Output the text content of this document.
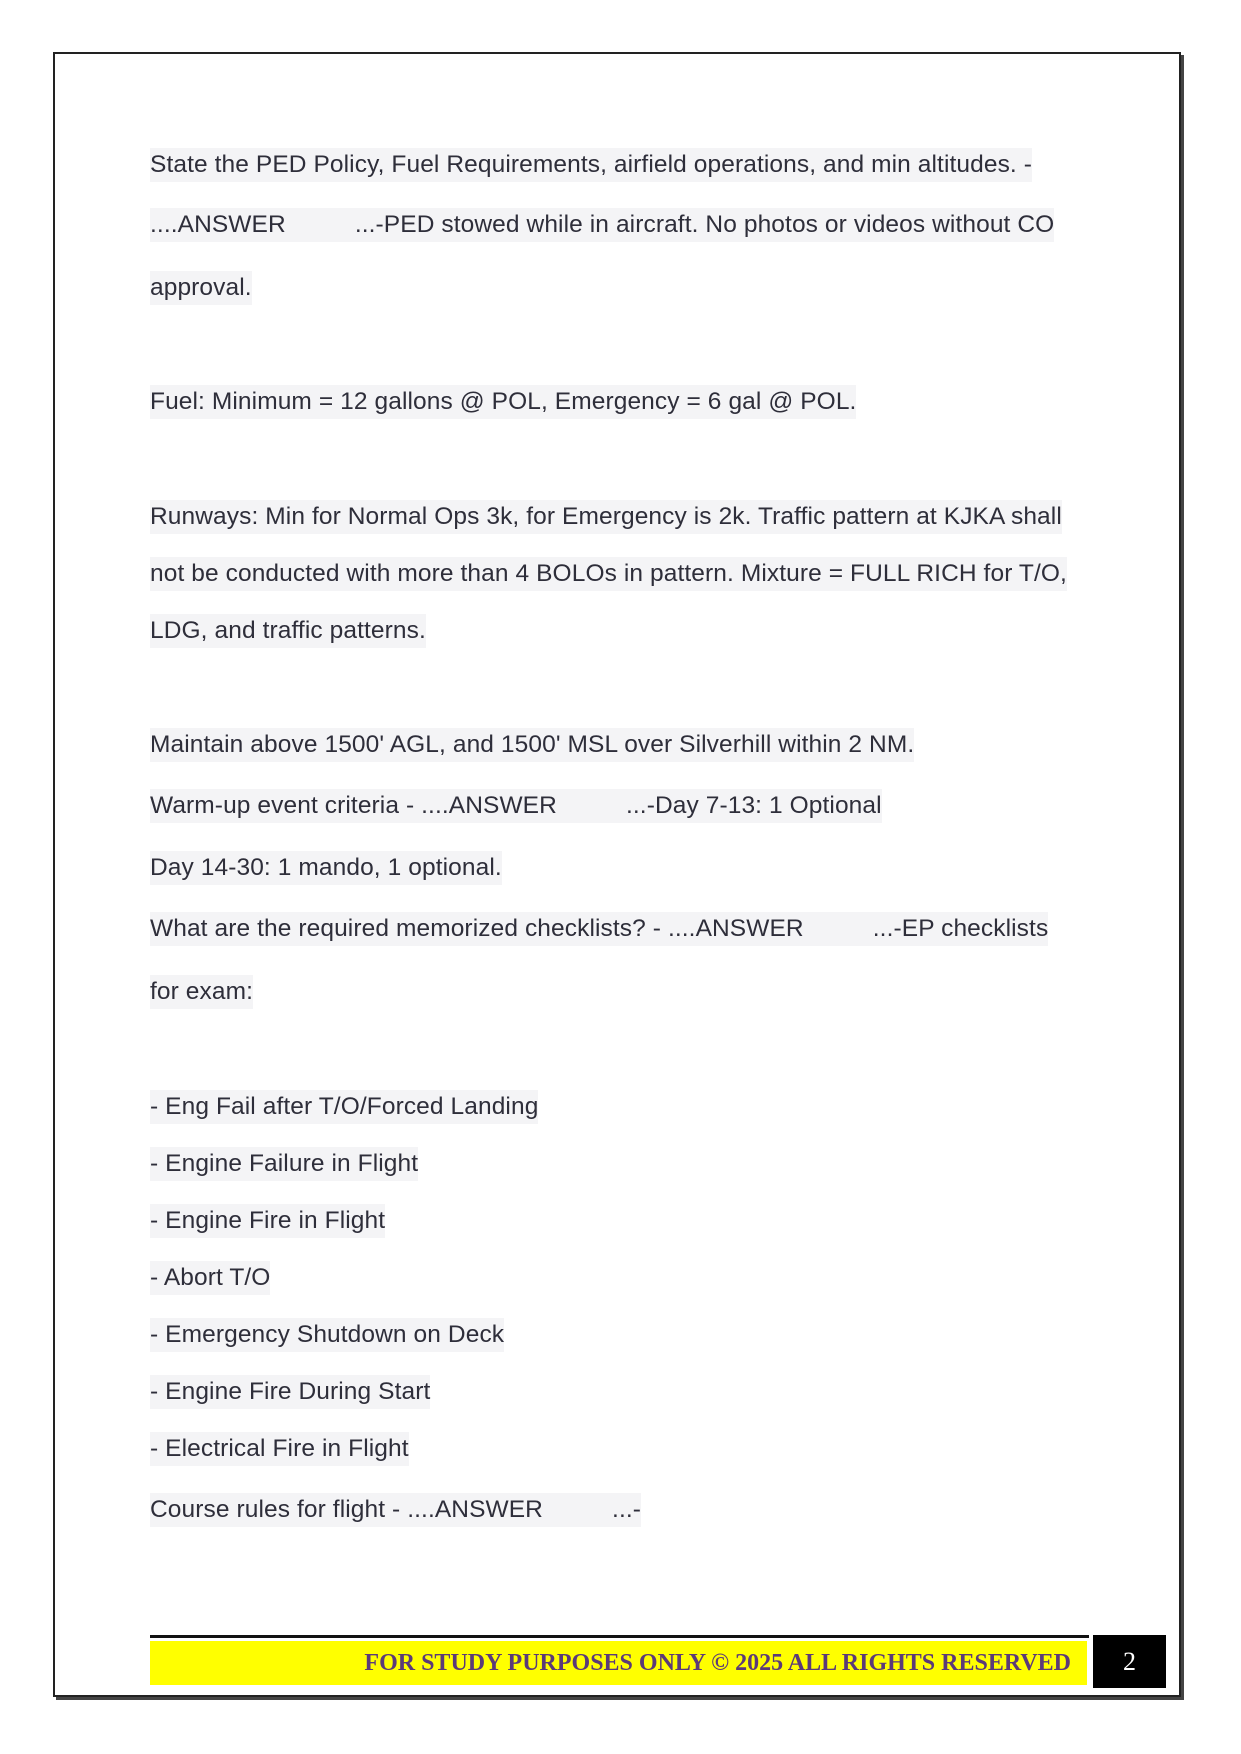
State the PED Policy, Fuel Requirements, airfield operations, and min altitudes. -
....ANSWER          ...-PED stowed while in aircraft. No photos or videos without CO
approval.
Fuel: Minimum = 12 gallons @ POL, Emergency = 6 gal @ POL.
Runways: Min for Normal Ops 3k, for Emergency is 2k. Traffic pattern at KJKA shall
not be conducted with more than 4 BOLOs in pattern. Mixture = FULL RICH for T/O,
LDG, and traffic patterns.
Maintain above 1500' AGL, and 1500' MSL over Silverhill within 2 NM.
Warm-up event criteria - ....ANSWER          ...-Day 7-13: 1 Optional
Day 14-30: 1 mando, 1 optional.
What are the required memorized checklists? - ....ANSWER          ...-EP checklists
for exam:
- Eng Fail after T/O/Forced Landing
- Engine Failure in Flight
- Engine Fire in Flight
- Abort T/O
- Emergency Shutdown on Deck
- Engine Fire During Start
- Electrical Fire in Flight
Course rules for flight - ....ANSWER          ...-
FOR STUDY PURPOSES ONLY © 2025 ALL RIGHTS RESERVED	2
